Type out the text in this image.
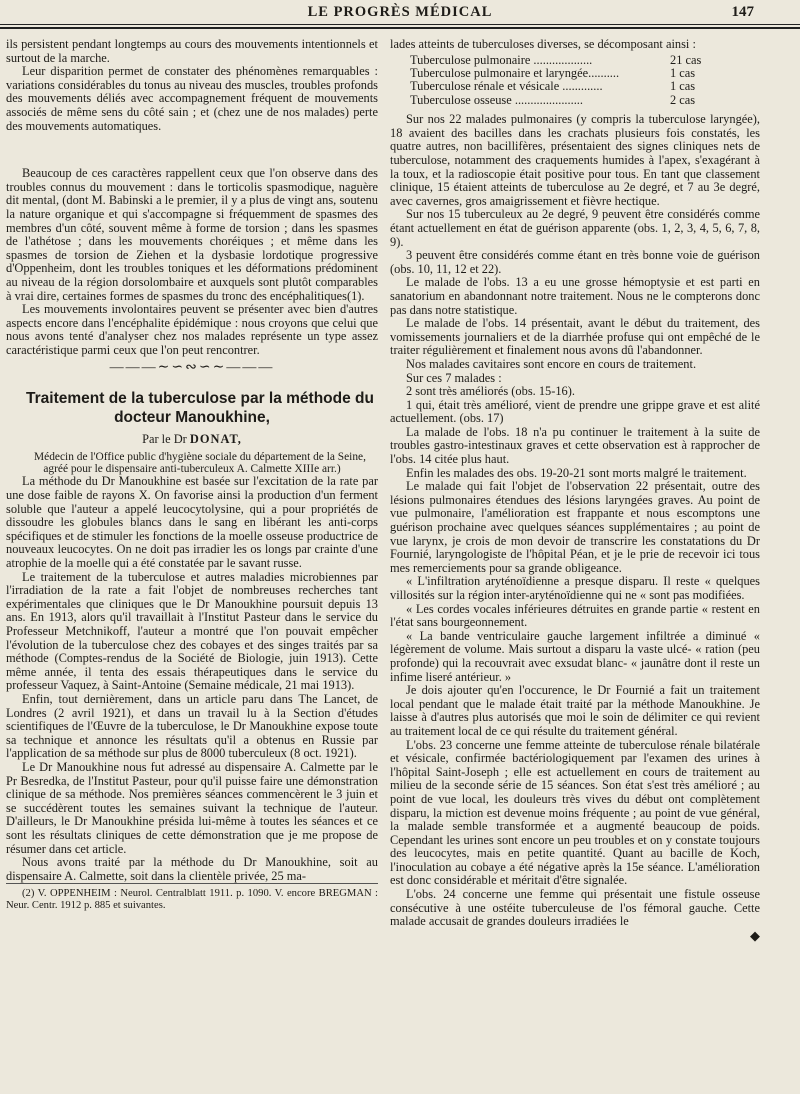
LE PROGRÈS MÉDICAL	147

ils persistent pendant longtemps au cours des mouvements intentionnels et surtout de la marche.

Leur disparition permet de constater des phénomènes remarquables : variations considérables du tonus au niveau des muscles, troubles profonds des mouvements déliés avec accompagnement fréquent de mouvements associés de même sens du côté sain ; et (chez une de nos malades) perte des mouvements automatiques.

Beaucoup de ces caractères rappellent ceux que l'on observe dans des troubles connus du mouvement : dans le torticolis spasmodique, naguère dit mental, (dont M. Babinski a le premier, il y a plus de vingt ans, soutenu la nature organique et qui s'accompagne si fréquemment de spasmes des membres d'un côté, souvent même à forme de torsion ; dans les spasmes de l'athétose ; dans les mouvements choréiques ; et même dans les spasmes de torsion de Ziehen et la dysbasie lordotique progressive d'Oppenheim, dont les troubles toniques et les déformations prédominent au niveau de la région dorsolombaire et auxquels sont plutôt comparables à vrai dire, certaines formes de spasmes du tronc des encéphalitiques(1).

Les mouvements involontaires peuvent se présenter avec bien d'autres aspects encore dans l'encéphalite épidémique : nous croyons que celui que nous avons tenté d'analyser chez nos malades représente un type assez caractéristique parmi ceux que l'on peut rencontrer.

―――∼∽∾∽∼―――

Traitement de la tuberculose par la méthode du docteur Manoukhine,

Par le Dr DONAT,

Médecin de l'Office public d'hygiène sociale du département de la Seine, agréé pour le dispensaire anti-tuberculeux A. Calmette XIIIe arr.)

La méthode du Dr Manoukhine est basée sur l'excitation de la rate par une dose faible de rayons X. On favorise ainsi la production d'un ferment soluble que l'auteur a appelé leucocytolysine, qui a pour propriétés de dissoudre les globules blancs dans le sang en libérant les anti-corps spécifiques et de stimuler les fonctions de la moelle osseuse productrice de nouveaux leucocytes. On ne doit pas irradier les os longs par crainte d'une atrophie de la moelle qui a été constatée par le savant russe.

Le traitement de la tuberculose et autres maladies microbiennes par l'irradiation de la rate a fait l'objet de nombreuses recherches tant expérimentales que cliniques que le Dr Manoukhine poursuit depuis 13 ans. En 1913, alors qu'il travaillait à l'Institut Pasteur dans le service du Professeur Metchnikoff, l'auteur a montré que l'on pouvait empêcher l'évolution de la tuberculose chez des cobayes et des singes traités par sa méthode (Comptes-rendus de la Société de Biologie, juin 1913). Cette même année, il tenta des essais thérapeutiques dans le service du professeur Vaquez, à Saint-Antoine (Semaine médicale, 21 mai 1913).

Enfin, tout dernièrement, dans un article paru dans The Lancet, de Londres (2 avril 1921), et dans un travail lu à la Section d'études scientifiques de l'Œuvre de la tuberculose, le Dr Manoukhine expose toute sa technique et annonce les résultats qu'il a obtenus en Russie par l'application de sa méthode sur plus de 8000 tuberculeux (8 oct. 1921).

Le Dr Manoukhine nous fut adressé au dispensaire A. Calmette par le Pr Besredka, de l'Institut Pasteur, pour qu'il puisse faire une démonstration clinique de sa méthode. Nos premières séances commencèrent le 3 juin et se succédèrent toutes les semaines suivant la technique de l'auteur. D'ailleurs, le Dr Manoukhine présida lui-même à toutes les séances et ce sont les résultats cliniques de cette démonstration que je me propose de résumer dans cet article.

Nous avons traité par la méthode du Dr Manoukhine, soit au dispensaire A. Calmette, soit dans la clientèle privée, 25 ma-

(2) V. OPPENHEIM : Neurol. Centralblatt 1911. p. 1090. V. encore BREGMAN : Neur. Centr. 1912 p. 885 et suivantes.

lades atteints de tuberculoses diverses, se décomposant ainsi :

Tuberculose pulmonaire ...................	21 cas
Tuberculose pulmonaire et laryngée..........	1 cas
Tuberculose rénale et vésicale .............	1 cas
Tuberculose osseuse ......................	2 cas

Sur nos 22 malades pulmonaires (y compris la tuberculose laryngée), 18 avaient des bacilles dans les crachats plusieurs fois constatés, les quatre autres, non bacillifères, présentaient des signes cliniques nets de tuberculose, notamment des craquements humides à l'apex, s'exagérant à la toux, et la radioscopie était positive pour tous. En tant que classement clinique, 15 étaient atteints de tuberculose au 2e degré, et 7 au 3e degré, avec cavernes, gros amaigrissement et fièvre hectique.

Sur nos 15 tuberculeux au 2e degré, 9 peuvent être considérés comme étant actuellement en état de guérison apparente (obs. 1, 2, 3, 4, 5, 6, 7, 8, 9).

3 peuvent être considérés comme étant en très bonne voie de guérison (obs. 10, 11, 12 et 22).

Le malade de l'obs. 13 a eu une grosse hémoptysie et est parti en sanatorium en abandonnant notre traitement. Nous ne le compterons donc pas dans notre statistique.

Le malade de l'obs. 14 présentait, avant le début du traitement, des vomissements journaliers et de la diarrhée profuse qui ont empêché de le traiter régulièrement et finalement nous avons dû l'abandonner.

Nos malades cavitaires sont encore en cours de traitement.

Sur ces 7 malades :

2 sont très améliorés (obs. 15-16).

1 qui, était très amélioré, vient de prendre une grippe grave et est alité actuellement. (obs. 17)

La malade de l'obs. 18 n'a pu continuer le traitement à la suite de troubles gastro-intestinaux graves et cette observation est à rapprocher de l'obs. 14 citée plus haut.

Enfin les malades des obs. 19-20-21 sont morts malgré le traitement.

Le malade qui fait l'objet de l'observation 22 présentait, outre des lésions pulmonaires étendues des lésions laryngées graves. Au point de vue pulmonaire, l'amélioration est frappante et nous escomptons une guérison prochaine avec quelques séances supplémentaires ; au point de vue larynx, je crois de mon devoir de transcrire les constatations du Dr Fournié, laryngologiste de l'hôpital Péan, et je le prie de recevoir ici tous mes remerciements pour sa grande obligeance.

« L'infiltration aryténoïdienne a presque disparu. Il reste « quelques villosités sur la région inter-aryténoïdienne qui ne « sont pas modifiées.

« Les cordes vocales inférieures détruites en grande partie « restent en l'état sans bourgeonnement.

« La bande ventriculaire gauche largement infiltrée a diminué « légèrement de volume. Mais surtout a disparu la vaste ulcé- « ration (peu profonde) qui la recouvrait avec exsudat blanc- « jaunâtre dont il reste un infime liseré antérieur. »

Je dois ajouter qu'en l'occurence, le Dr Fournié a fait un traitement local pendant que le malade était traité par la méthode Manoukhine. Je laisse à d'autres plus autorisés que moi le soin de délimiter ce qui revient au traitement local de ce qui résulte du traitement général.

L'obs. 23 concerne une femme atteinte de tuberculose rénale bilatérale et vésicale, confirmée bactériologiquement par l'examen des urines à l'hôpital Saint-Joseph ; elle est actuellement en cours de traitement au milieu de la seconde série de 15 séances. Son état s'est très amélioré ; au point de vue local, les douleurs très vives du début ont complètement disparu, la miction est devenue moins fréquente ; au point de vue général, la malade semble transformée et a augmenté beaucoup de poids. Cependant les urines sont encore un peu troubles et on y constate toujours des leucocytes, mais en petite quantité. Quant au bacille de Koch, l'inoculation au cobaye a été négative après la 15e séance. L'amélioration est donc considérable et méritait d'être signalée.

L'obs. 24 concerne une femme qui présentait une fistule osseuse consécutive à une ostéite tuberculeuse de l'os fémoral gauche. Cette malade accusait de grandes douleurs irradiées le

◆
